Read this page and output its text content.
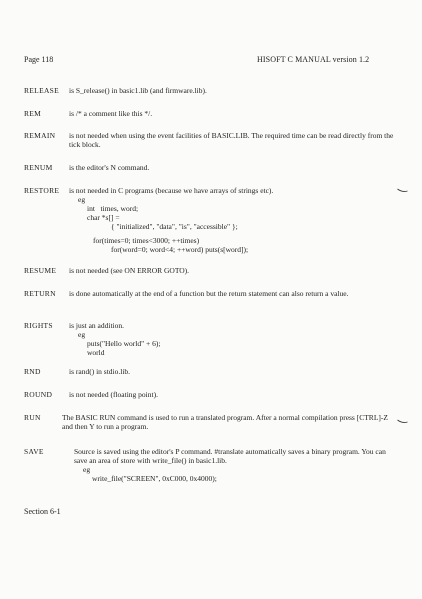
Page 118	HISOFT C MANUAL version 1.2
RELEASE is S_release() in basic1.lib (and firmware.lib).
REM	is /* a comment like this */.
REMAIN is not needed when using the event facilities of BASIC.LIB. The required time can be read directly from the tick block.
RENUM is the editor's N command.
RESTORE is not needed in C programs (because we have arrays of strings etc).
eg
int   times, word;
char *s[] =
{ "initialized", "data", "is", "accessible" };
for(times=0; times<3000; ++times)
for(word=0; word<4; ++word) puts(s[word]);
RESUME is not needed (see ON ERROR GOTO).
RETURN is done automatically at the end of a function but the return statement can also return a value.
RIGHTS is just an addition.
eg
puts("Hello world" + 6);
world
RND	is rand() in stdio.lib.
ROUND is not needed (floating point).
RUN	The BASIC RUN command is used to run a translated program. After a normal compilation press [CTRL]-Z and then Y to run a program.
SAVE	Source is saved using the editor's P command. #translate automatically saves a binary program. You can save an area of store with write_file() in basic1.lib.
eg
write_file("SCREEN", 0xC000, 0x4000);
Section 6-1
